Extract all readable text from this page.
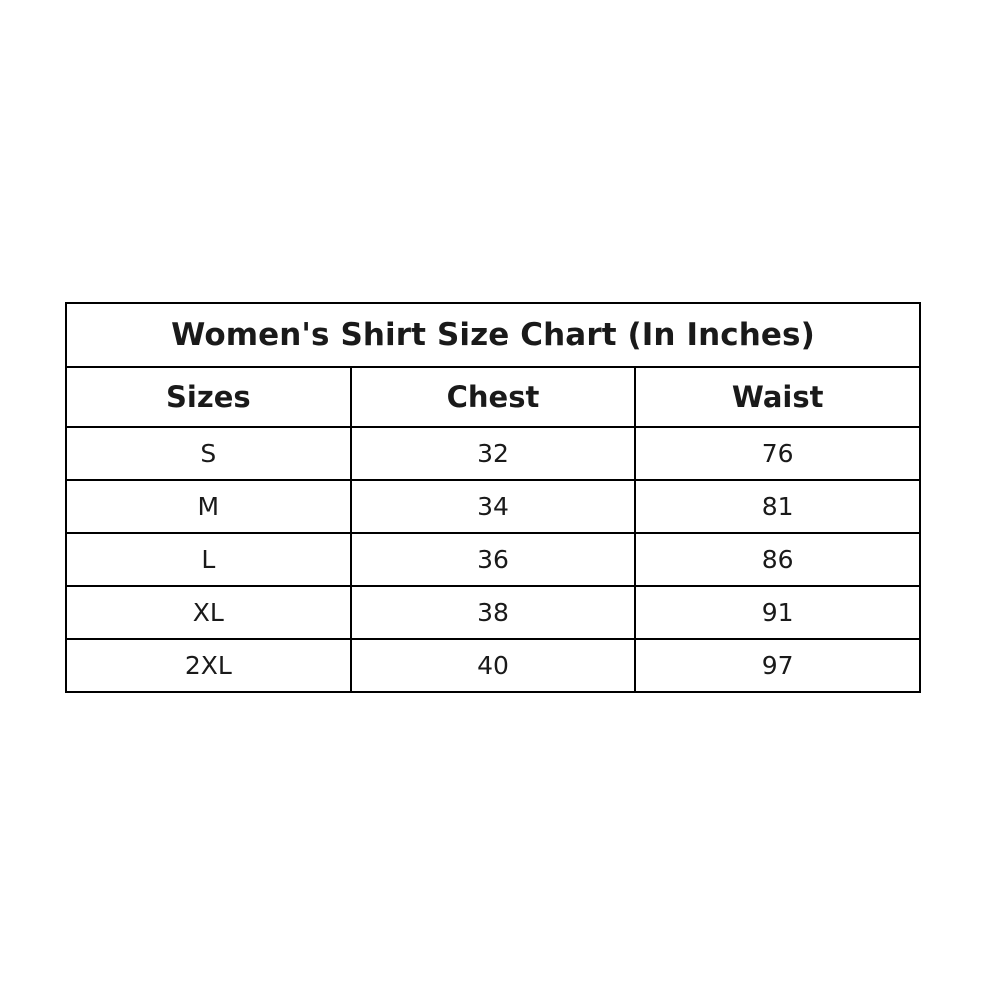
Women's Shirt Size Chart (In Inches)		
Sizes	Chest	Waist
S	32	76
M	34	81
L	36	86
XL	38	91
2XL	40	97
